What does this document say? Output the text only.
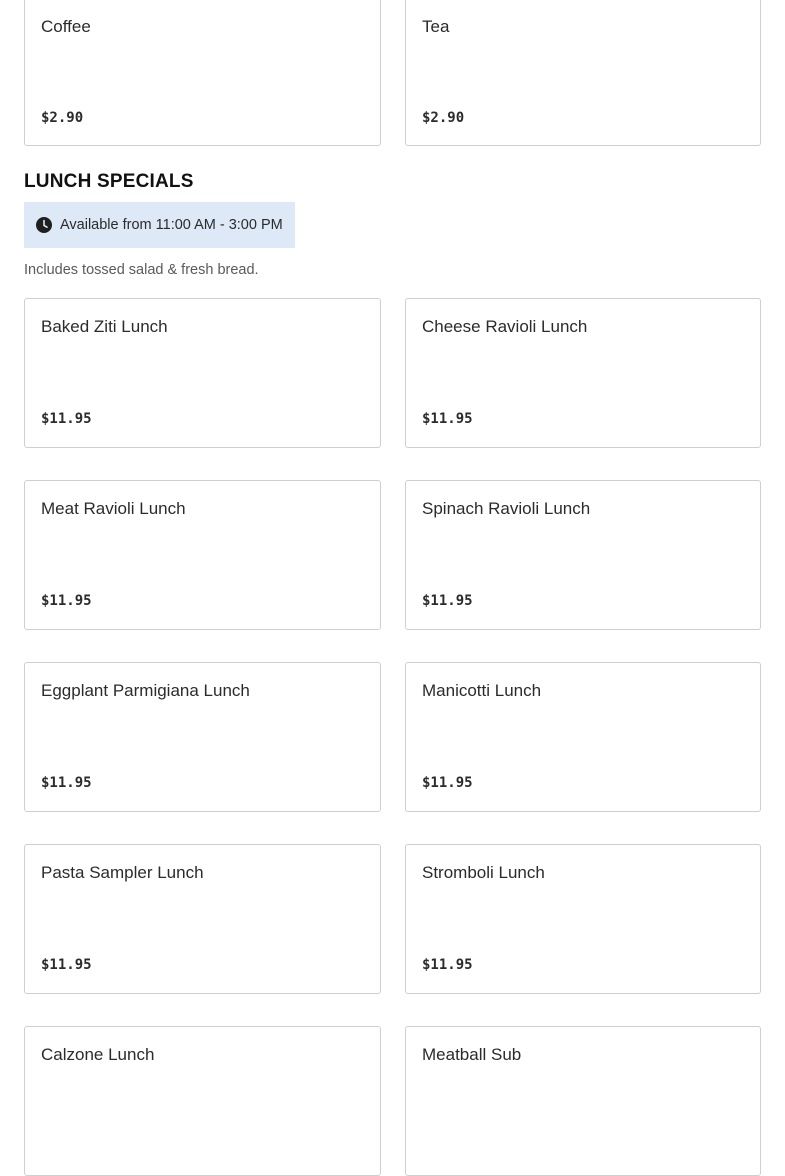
Coffee
$2.90
Tea
$2.90
LUNCH SPECIALS
Available from 11:00 AM - 3:00 PM
Includes tossed salad & fresh bread.
Baked Ziti Lunch
$11.95
Cheese Ravioli Lunch
$11.95
Meat Ravioli Lunch
$11.95
Spinach Ravioli Lunch
$11.95
Eggplant Parmigiana Lunch
$11.95
Manicotti Lunch
$11.95
Pasta Sampler Lunch
$11.95
Stromboli Lunch
$11.95
Calzone Lunch	Meatball Sub
